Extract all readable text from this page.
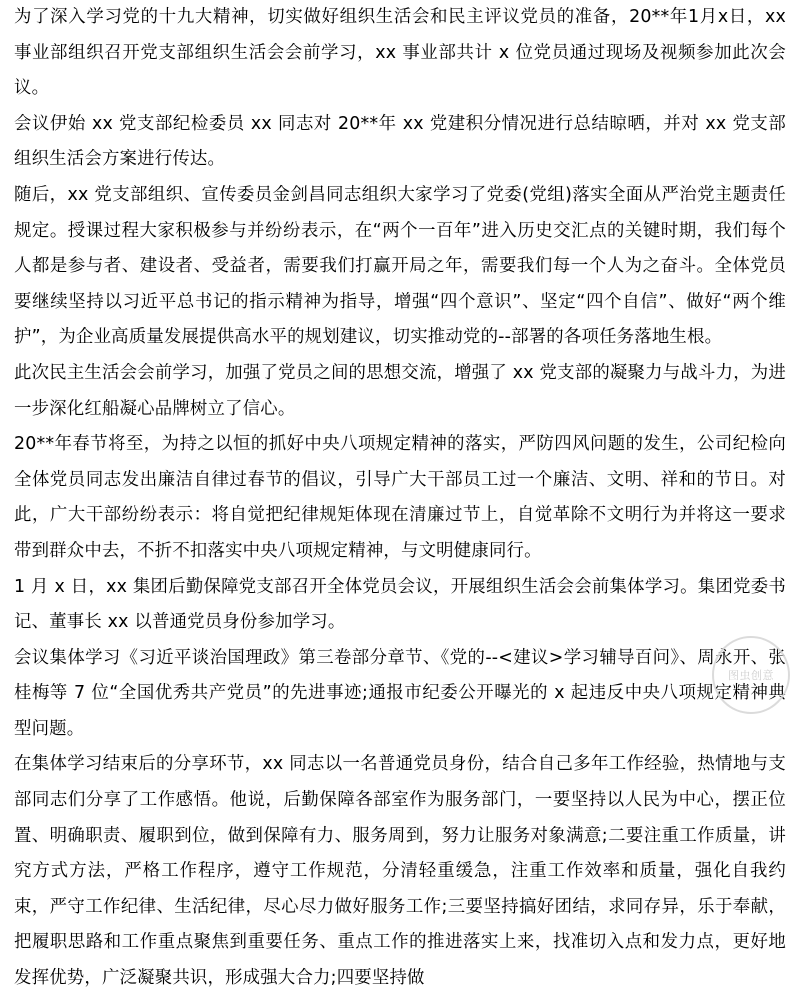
为了深入学习党的十九大精神，切实做好组织生活会和民主评议党员的准备，20**年1月x日，xx 事业部组织召开党支部组织生活会会前学习，xx 事业部共计 x 位党员通过现场及视频参加此次会议。

会议伊始 xx 党支部纪检委员 xx 同志对 20**年 xx 党建积分情况进行总结晾晒，并对 xx 党支部组织生活会方案进行传达。

随后，xx 党支部组织、宣传委员金剑昌同志组织大家学习了党委(党组)落实全面从严治党主题责任规定。授课过程大家积极参与并纷纷表示，在“两个一百年”进入历史交汇点的关键时期，我们每个人都是参与者、建设者、受益者，需要我们打赢开局之年，需要我们每一个人为之奋斗。全体党员要继续坚持以习近平总书记的指示精神为指导，增强“四个意识”、坚定“四个自信”、做好“两个维护”，为企业高质量发展提供高水平的规划建议，切实推动党的--部署的各项任务落地生根。

此次民主生活会会前学习，加强了党员之间的思想交流，增强了 xx 党支部的凝聚力与战斗力，为进一步深化红船凝心品牌树立了信心。

20**年春节将至，为持之以恒的抓好中央八项规定精神的落实，严防四风问题的发生，公司纪检向全体党员同志发出廉洁自律过春节的倡议，引导广大干部员工过一个廉洁、文明、祥和的节日。对此，广大干部纷纷表示：将自觉把纪律规矩体现在清廉过节上，自觉革除不文明行为并将这一要求带到群众中去，不折不扣落实中央八项规定精神，与文明健康同行。

1 月 x 日，xx 集团后勤保障党支部召开全体党员会议，开展组织生活会会前集体学习。集团党委书记、董事长 xx 以普通党员身份参加学习。

会议集体学习《习近平谈治国理政》第三卷部分章节、《党的--<建议>学习辅导百问》、周永开、张桂梅等 7 位“全国优秀共产党员”的先进事迹;通报市纪委公开曝光的 x 起违反中央八项规定精神典型问题。

在集体学习结束后的分享环节，xx 同志以一名普通党员身份，结合自己多年工作经验，热情地与支部同志们分享了工作感悟。他说，后勤保障各部室作为服务部门，一要坚持以人民为中心，摆正位置、明确职责、履职到位，做到保障有力、服务周到，努力让服务对象满意;二要注重工作质量，讲究方式方法，严格工作程序，遵守工作规范，分清轻重缓急，注重工作效率和质量，强化自我约束，严守工作纪律、生活纪律，尽心尽力做好服务工作;三要坚持搞好团结，求同存异，乐于奉献，把履职思路和工作重点聚焦到重要任务、重点工作的推进落实上来，找准切入点和发力点，更好地发挥优势，广泛凝聚共识，形成强大合力;四要坚持做

图虫创意
